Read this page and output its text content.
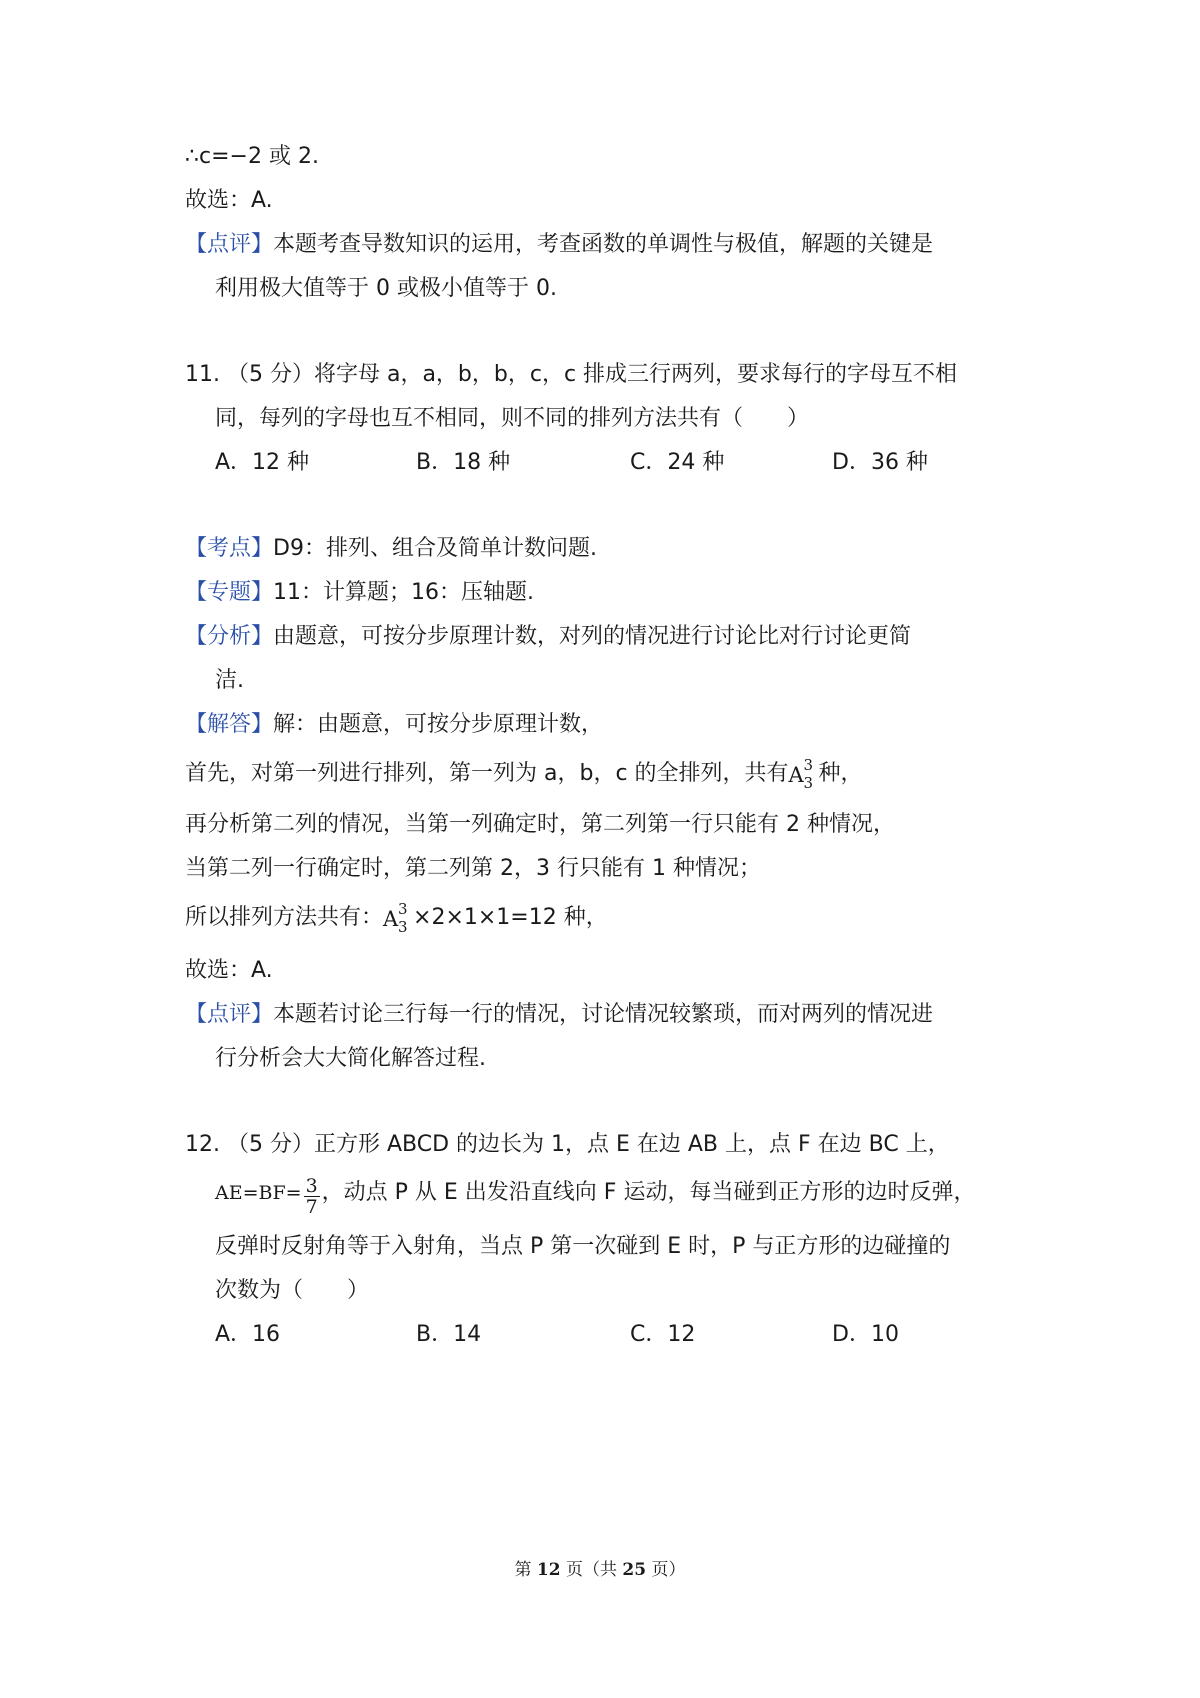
∴c=−2 或 2.
故选：A.
【点评】本题考查导数知识的运用，考查函数的单调性与极值，解题的关键是
利用极大值等于 0 或极小值等于 0.
11. （5 分）将字母 a，a，b，b，c，c 排成三行两列，要求每行的字母互不相
同，每列的字母也互不相同，则不同的排列方法共有（　　）
A．12 种	B．18 种	C．24 种	D．36 种
【考点】D9：排列、组合及简单计数问题.
【专题】11：计算题；16：压轴题.
【分析】由题意，可按分步原理计数，对列的情况进行讨论比对行讨论更简
洁.
【解答】解：由题意，可按分步原理计数，
首先，对第一列进行排列，第一列为 a，b，c 的全排列，共有 A 3
3 种，
再分析第二列的情况，当第一列确定时，第二列第一行只能有 2 种情况，
当第二列一行确定时，第二列第 2，3 行只能有 1 种情况；
所以排列方法共有： A 3
3 ×2×1×1=12 种，
故选：A.
【点评】本题若讨论三行每一行的情况，讨论情况较繁琐，而对两列的情况进
行分析会大大简化解答过程.
12. （5 分）正方形 ABCD 的边长为 1，点 E 在边 AB 上，点 F 在边 BC 上，
$AE=BF= \frac{3}{7}$ ，动点 P 从 E 出发沿直线向 F 运动，每当碰到正方形的边时反弹，
反弹时反射角等于入射角，当点 P 第一次碰到 E 时，P 与正方形的边碰撞的
次数为（　　）
A．16	B．14	C．12	D．10
第 12 页（共 25 页）
